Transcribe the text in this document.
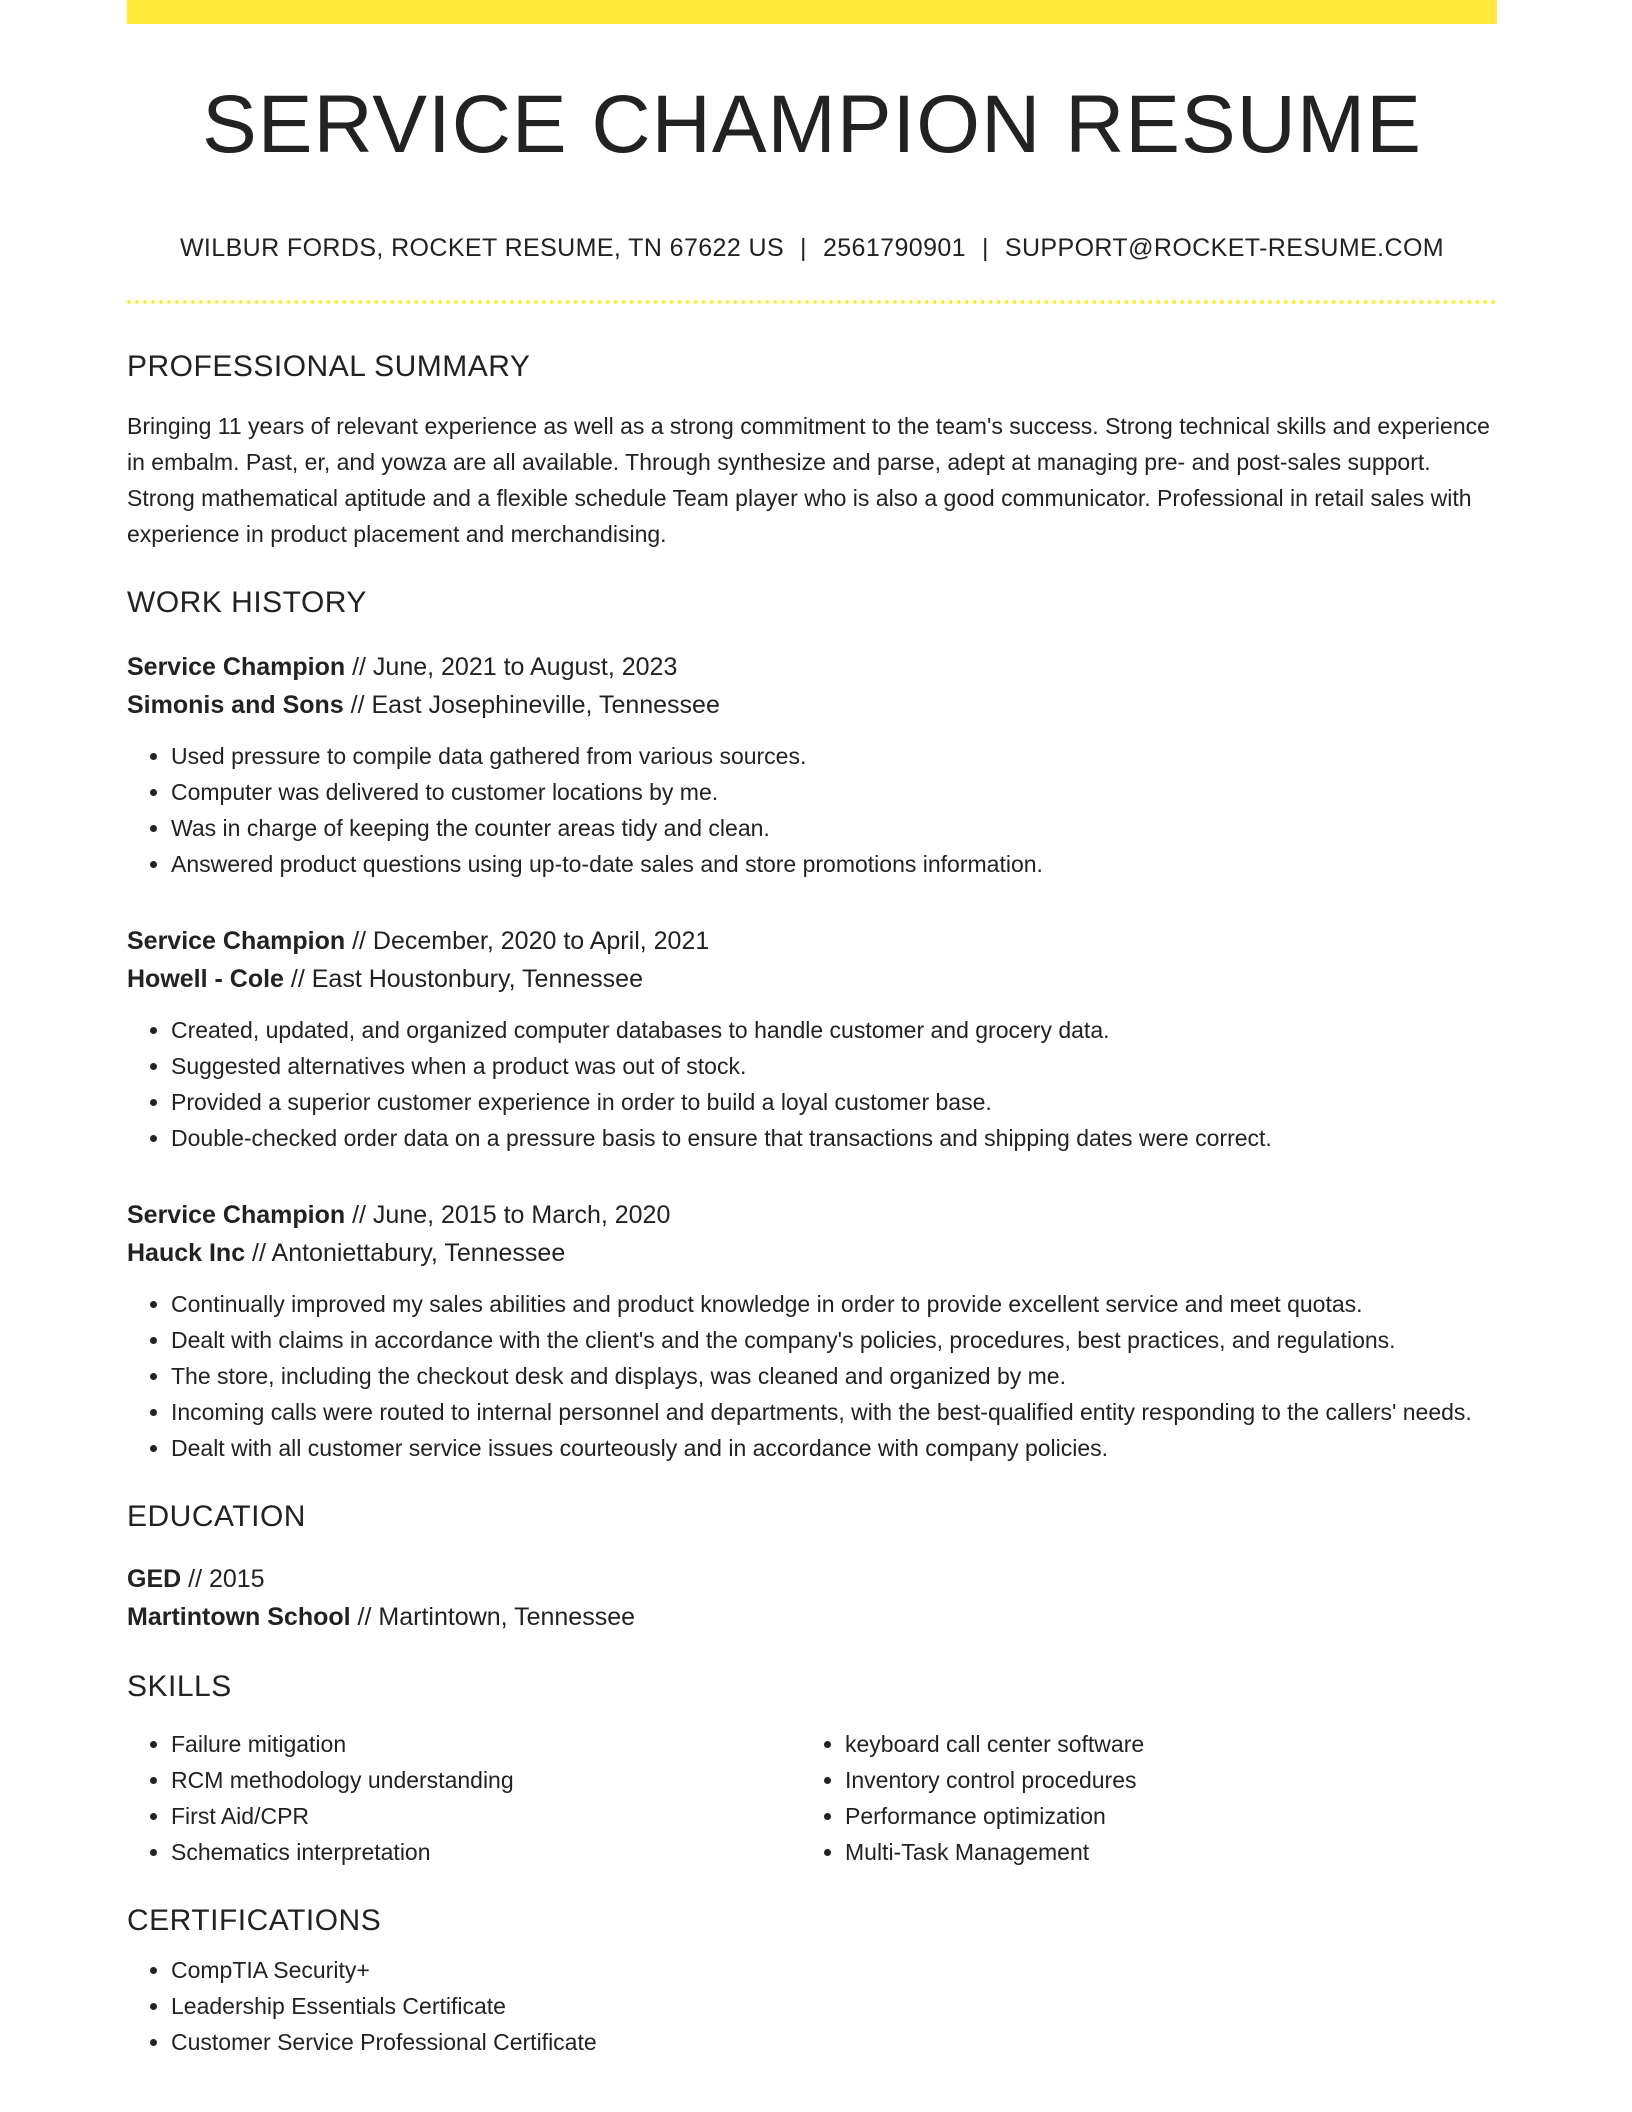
SERVICE CHAMPION RESUME
WILBUR FORDS, ROCKET RESUME, TN 67622 US | 2561790901 | SUPPORT@ROCKET-RESUME.COM
PROFESSIONAL SUMMARY
Bringing 11 years of relevant experience as well as a strong commitment to the team's success. Strong technical skills and experience in embalm. Past, er, and yowza are all available. Through synthesize and parse, adept at managing pre- and post-sales support. Strong mathematical aptitude and a flexible schedule Team player who is also a good communicator. Professional in retail sales with experience in product placement and merchandising.
WORK HISTORY
Service Champion // June, 2021 to August, 2023
Simonis and Sons // East Josephineville, Tennessee
• Used pressure to compile data gathered from various sources.
• Computer was delivered to customer locations by me.
• Was in charge of keeping the counter areas tidy and clean.
• Answered product questions using up-to-date sales and store promotions information.
Service Champion // December, 2020 to April, 2021
Howell - Cole // East Houstonbury, Tennessee
• Created, updated, and organized computer databases to handle customer and grocery data.
• Suggested alternatives when a product was out of stock.
• Provided a superior customer experience in order to build a loyal customer base.
• Double-checked order data on a pressure basis to ensure that transactions and shipping dates were correct.
Service Champion // June, 2015 to March, 2020
Hauck Inc // Antoniettabury, Tennessee
• Continually improved my sales abilities and product knowledge in order to provide excellent service and meet quotas.
• Dealt with claims in accordance with the client's and the company's policies, procedures, best practices, and regulations.
• The store, including the checkout desk and displays, was cleaned and organized by me.
• Incoming calls were routed to internal personnel and departments, with the best-qualified entity responding to the callers' needs.
• Dealt with all customer service issues courteously and in accordance with company policies.
EDUCATION
GED // 2015
Martintown School // Martintown, Tennessee
SKILLS
• Failure mitigation
• RCM methodology understanding
• First Aid/CPR
• Schematics interpretation
• keyboard call center software
• Inventory control procedures
• Performance optimization
• Multi-Task Management
CERTIFICATIONS
• CompTIA Security+
• Leadership Essentials Certificate
• Customer Service Professional Certificate
